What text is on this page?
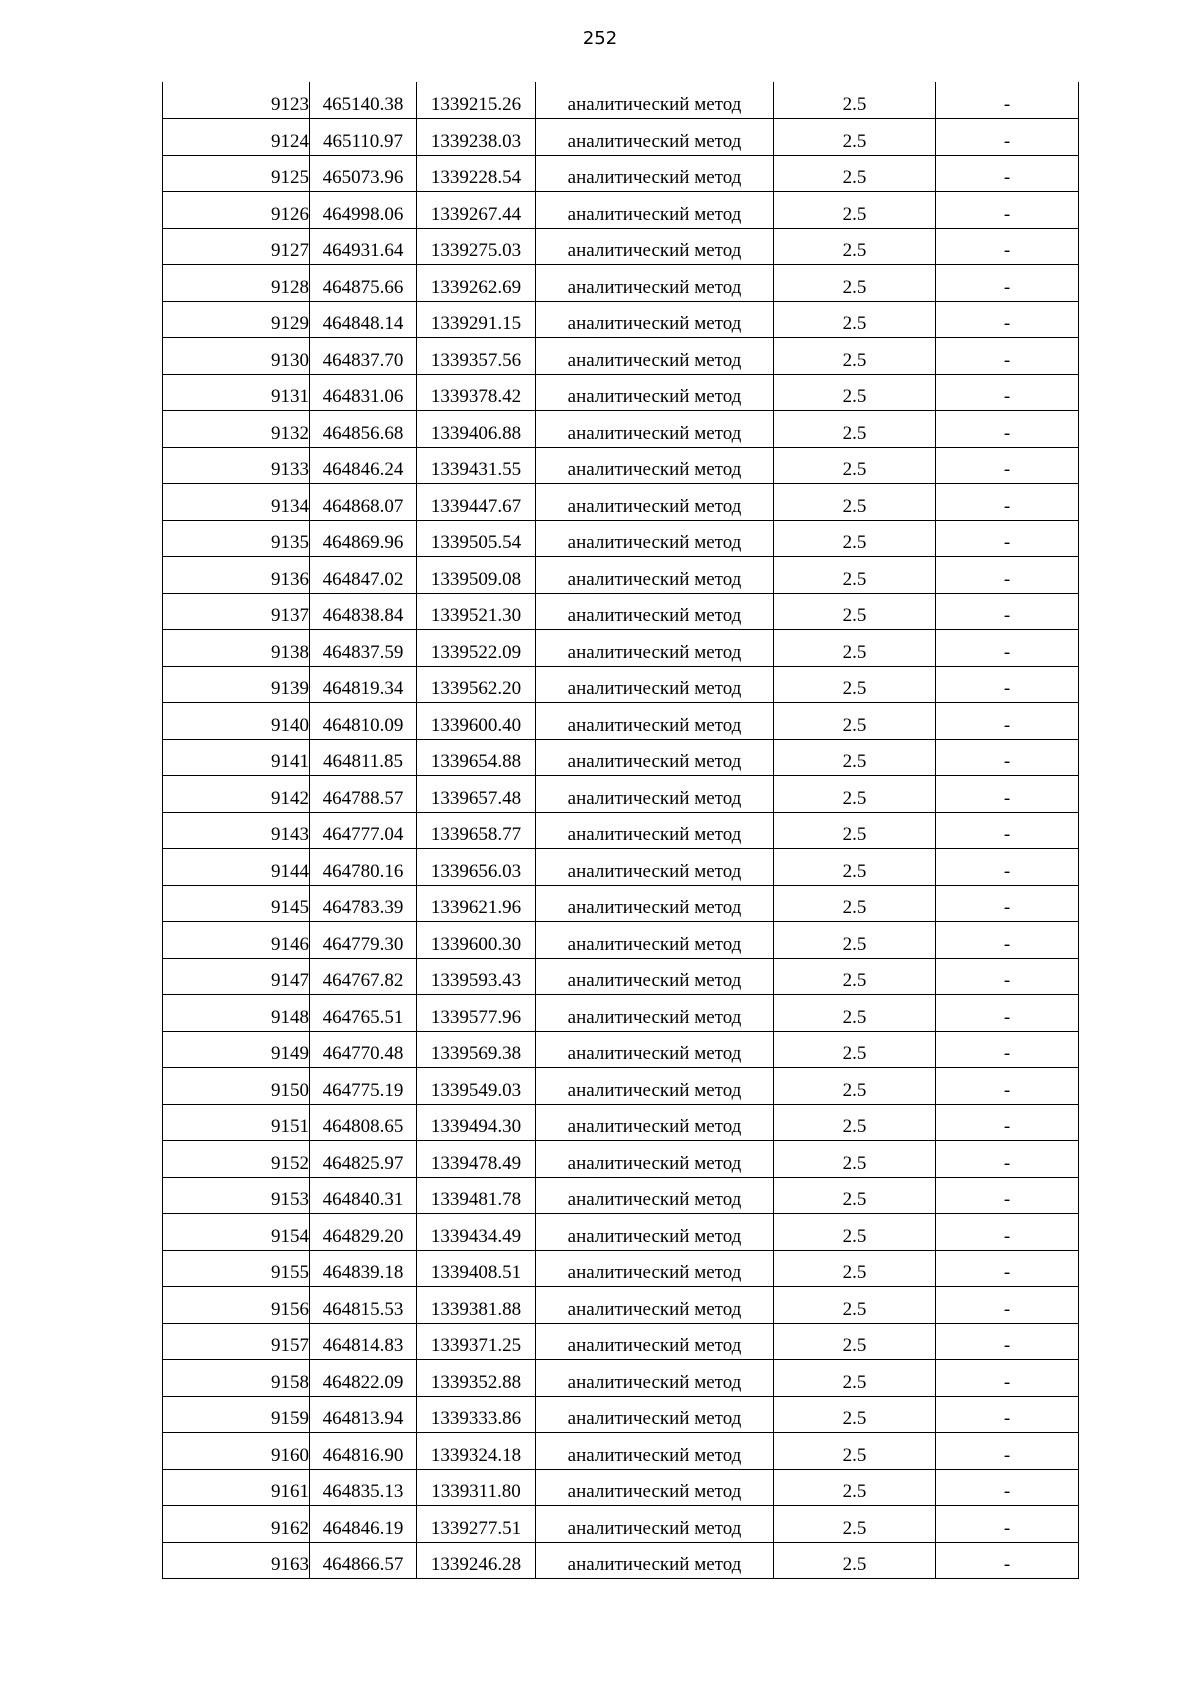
252
9123	465140.38	1339215.26	аналитический метод	2.5	-
9124	465110.97	1339238.03	аналитический метод	2.5	-
9125	465073.96	1339228.54	аналитический метод	2.5	-
9126	464998.06	1339267.44	аналитический метод	2.5	-
9127	464931.64	1339275.03	аналитический метод	2.5	-
9128	464875.66	1339262.69	аналитический метод	2.5	-
9129	464848.14	1339291.15	аналитический метод	2.5	-
9130	464837.70	1339357.56	аналитический метод	2.5	-
9131	464831.06	1339378.42	аналитический метод	2.5	-
9132	464856.68	1339406.88	аналитический метод	2.5	-
9133	464846.24	1339431.55	аналитический метод	2.5	-
9134	464868.07	1339447.67	аналитический метод	2.5	-
9135	464869.96	1339505.54	аналитический метод	2.5	-
9136	464847.02	1339509.08	аналитический метод	2.5	-
9137	464838.84	1339521.30	аналитический метод	2.5	-
9138	464837.59	1339522.09	аналитический метод	2.5	-
9139	464819.34	1339562.20	аналитический метод	2.5	-
9140	464810.09	1339600.40	аналитический метод	2.5	-
9141	464811.85	1339654.88	аналитический метод	2.5	-
9142	464788.57	1339657.48	аналитический метод	2.5	-
9143	464777.04	1339658.77	аналитический метод	2.5	-
9144	464780.16	1339656.03	аналитический метод	2.5	-
9145	464783.39	1339621.96	аналитический метод	2.5	-
9146	464779.30	1339600.30	аналитический метод	2.5	-
9147	464767.82	1339593.43	аналитический метод	2.5	-
9148	464765.51	1339577.96	аналитический метод	2.5	-
9149	464770.48	1339569.38	аналитический метод	2.5	-
9150	464775.19	1339549.03	аналитический метод	2.5	-
9151	464808.65	1339494.30	аналитический метод	2.5	-
9152	464825.97	1339478.49	аналитический метод	2.5	-
9153	464840.31	1339481.78	аналитический метод	2.5	-
9154	464829.20	1339434.49	аналитический метод	2.5	-
9155	464839.18	1339408.51	аналитический метод	2.5	-
9156	464815.53	1339381.88	аналитический метод	2.5	-
9157	464814.83	1339371.25	аналитический метод	2.5	-
9158	464822.09	1339352.88	аналитический метод	2.5	-
9159	464813.94	1339333.86	аналитический метод	2.5	-
9160	464816.90	1339324.18	аналитический метод	2.5	-
9161	464835.13	1339311.80	аналитический метод	2.5	-
9162	464846.19	1339277.51	аналитический метод	2.5	-
9163	464866.57	1339246.28	аналитический метод	2.5	-
